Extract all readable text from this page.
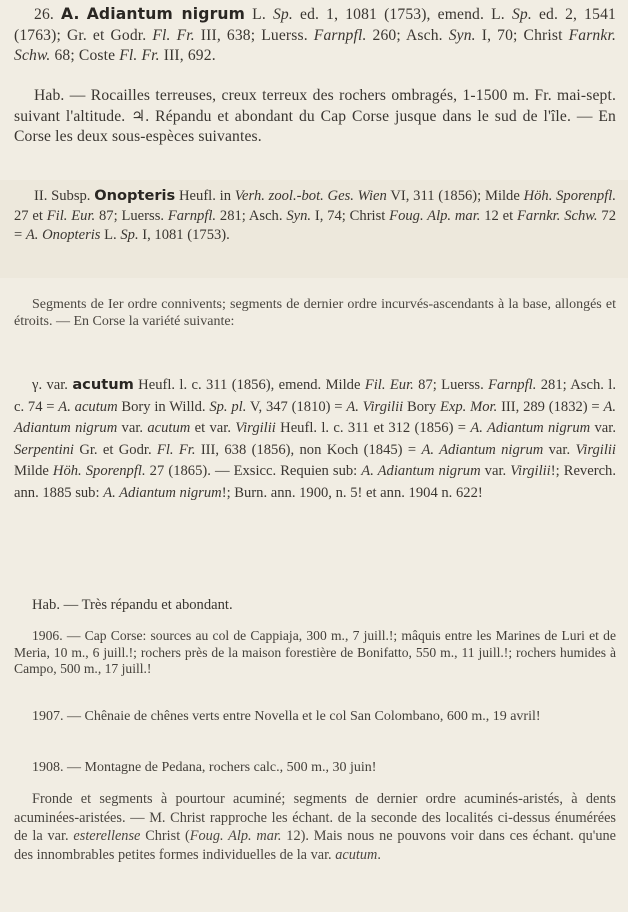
26. A. Adiantum nigrum L. Sp. ed. 1, 1081 (1753), emend. L. Sp. ed. 2, 1541 (1763); Gr. et Godr. Fl. Fr. III, 638; Luerss. Farnpfl. 260; Asch. Syn. I, 70; Christ Farnkr. Schw. 68; Coste Fl. Fr. III, 692.

Hab. — Rocailles terreuses, creux terreux des rochers ombragés, 1-1500 m. Fr. mai-sept. suivant l'altitude. ♃. Répandu et abondant du Cap Corse jusque dans le sud de l'île. — En Corse les deux sous-espèces suivantes.

II. Subsp. Onopteris Heufl. in Verh. zool.-bot. Ges. Wien VI, 311 (1856); Milde Höh. Sporenpfl. 27 et Fil. Eur. 87; Luerss. Farnpfl. 281; Asch. Syn. I, 74; Christ Foug. Alp. mar. 12 et Farnkr. Schw. 72 = A. Onopteris L. Sp. I, 1081 (1753).

Segments de Ier ordre connivents; segments de dernier ordre incurvés-ascendants à la base, allongés et étroits. — En Corse la variété suivante:

γ. var. acutum Heufl. l. c. 311 (1856), emend. Milde Fil. Eur. 87; Luerss. Farnpfl. 281; Asch. l. c. 74 = A. acutum Bory in Willd. Sp. pl. V, 347 (1810) = A. Virgilii Bory Exp. Mor. III, 289 (1832) = A. Adiantum nigrum var. acutum et var. Virgilii Heufl. l. c. 311 et 312 (1856) = A. Adiantum nigrum var. Serpentini Gr. et Godr. Fl. Fr. III, 638 (1856), non Koch (1845) = A. Adiantum nigrum var. Virgilii Milde Höh. Sporenpfl. 27 (1865). — Exsicc. Requien sub: A. Adiantum nigrum var. Virgilii!; Reverch. ann. 1885 sub: A. Adiantum nigrum!; Burn. ann. 1900, n. 5! et ann. 1904 n. 622!

Hab. — Très répandu et abondant.

1906. — Cap Corse: sources au col de Cappiaja, 300 m., 7 juill.!; mâquis entre les Marines de Luri et de Meria, 10 m., 6 juill.!; rochers près de la maison forestière de Bonifatto, 550 m., 11 juill.!; rochers humides à Campo, 500 m., 17 juill.!

1907. — Chênaie de chênes verts entre Novella et le col San Colombano, 600 m., 19 avril!

1908. — Montagne de Pedana, rochers calc., 500 m., 30 juin!

Fronde et segments à pourtour acuminé; segments de dernier ordre acuminés-aristés, à dents acuminées-aristées. — M. Christ rapproche les échant. de la seconde des localités ci-dessus énumérées de la var. esterellense Christ (Foug. Alp. mar. 12). Mais nous ne pouvons voir dans ces échant. qu'une des innombrables petites formes individuelles de la var. acutum.
